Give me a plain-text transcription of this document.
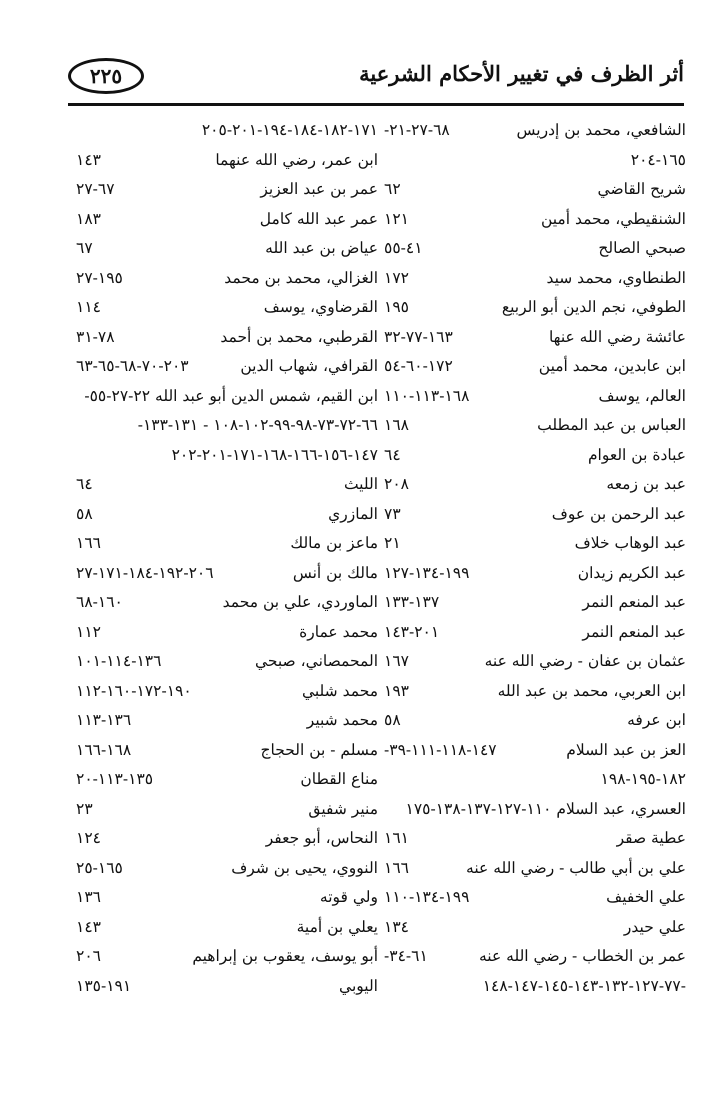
٢٢٥	أثر الظرف في تغيير الأحكام الشرعية
الشافعي، محمد بن إدريس
-٦٨-٢٧-٢١
١٦٥-٢٠٤
شريح القاضي
٦٢
الشنقيطي، محمد أمين
١٢١
صبحي الصالح
٤١-٥٥
الطنطاوي، محمد سيد
١٧٢
الطوفي، نجم الدين أبو الربيع
١٩٥
عائشة رضي الله عنها
١٦٣-٧٧-٣٢
ابن عابدين، محمد أمين
١٧٢-٦٠-٥٤
العالم، يوسف
١٦٨-١١٣-١١٠
العباس بن عبد المطلب
١٦٨
عبادة بن العوام
٦٤
عبد بن زمعه
٢٠٨
عبد الرحمن بن عوف
٧٣
عبد الوهاب خلاف
٢١
عبد الكريم زيدان
١٩٩-١٣٤-١٢٧
عبد المنعم النمر
١٣٧-١٣٣
عبد المنعم النمر
٢٠١-١٤٣
عثمان بن عفان - رضي الله عنه
١٦٧
ابن العربي، محمد بن عبد الله
١٩٣
ابن عرفه
٥٨
العز بن عبد السلام
-١٤٧-١١٨-١١١-٣٩
١٨٢-١٩٥-١٩٨
العسري، عبد السلام ١١٠-١٢٧-١٣٧-١٣٨-١٧٥
عطية صقر
١٦١
علي بن أبي طالب - رضي الله عنه
١٦٦
علي الخفيف
١٩٩-١٣٤-١١٠
علي حيدر
١٣٤
عمر بن الخطاب - رضي الله عنه
-٦١-٣٤
-٧٧-١٢٧-١٣٢-١٤٣-١٤٥-١٤٧-١٤٨
١٧١-١٨٢-١٨٤-١٩٤-٢٠١-٢٠٥
ابن عمر، رضي الله عنهما
١٤٣
عمر بن عبد العزيز
٦٧-٢٧
عمر عبد الله كامل
١٨٣
عياض بن عبد الله
٦٧
الغزالي، محمد بن محمد
١٩٥-٢٧
القرضاوي، يوسف
١١٤
القرطبي، محمد بن أحمد
٧٨-٣١
القرافي، شهاب الدين
٢٠٣-٧٠-٦٨-٦٥-٦٣
ابن القيم، شمس الدين أبو عبد الله ٢٢-٢٧-٥٥-
٦٦-٧٢-٧٣-٩٨-٩٩-١٠٢-١٠٨ - ١٣١-١٣٣-
١٤٧-١٥٦-١٦٦-١٦٨-١٧١-٢٠١-٢٠٢
الليث
٦٤
المازري
٥٨
ماعز بن مالك
١٦٦
مالك بن أنس
٢٠٦-١٩٢-١٨٤-١٧١-٢٧
الماوردي، علي بن محمد
١٦٠-٦٨
محمد عمارة
١١٢
المحمصاني، صبحي
١٣٦-١١٤-١٠١
محمد شلبي
١٩٠-١٧٢-١٦٠-١١٢
محمد شبير
١٣٦-١١٣
مسلم - بن الحجاج
١٦٨-١٦٦
مناع القطان
١٣٥-١١٣-٢٠
منير شفيق
٢٣
النحاس، أبو جعفر
١٢٤
النووي، يحيى بن شرف
١٦٥-٢٥
ولي قوته
١٣٦
يعلي بن أمية
١٤٣
أبو يوسف، يعقوب بن إبراهيم
٢٠٦
اليوبي
١٩١-١٣٥
